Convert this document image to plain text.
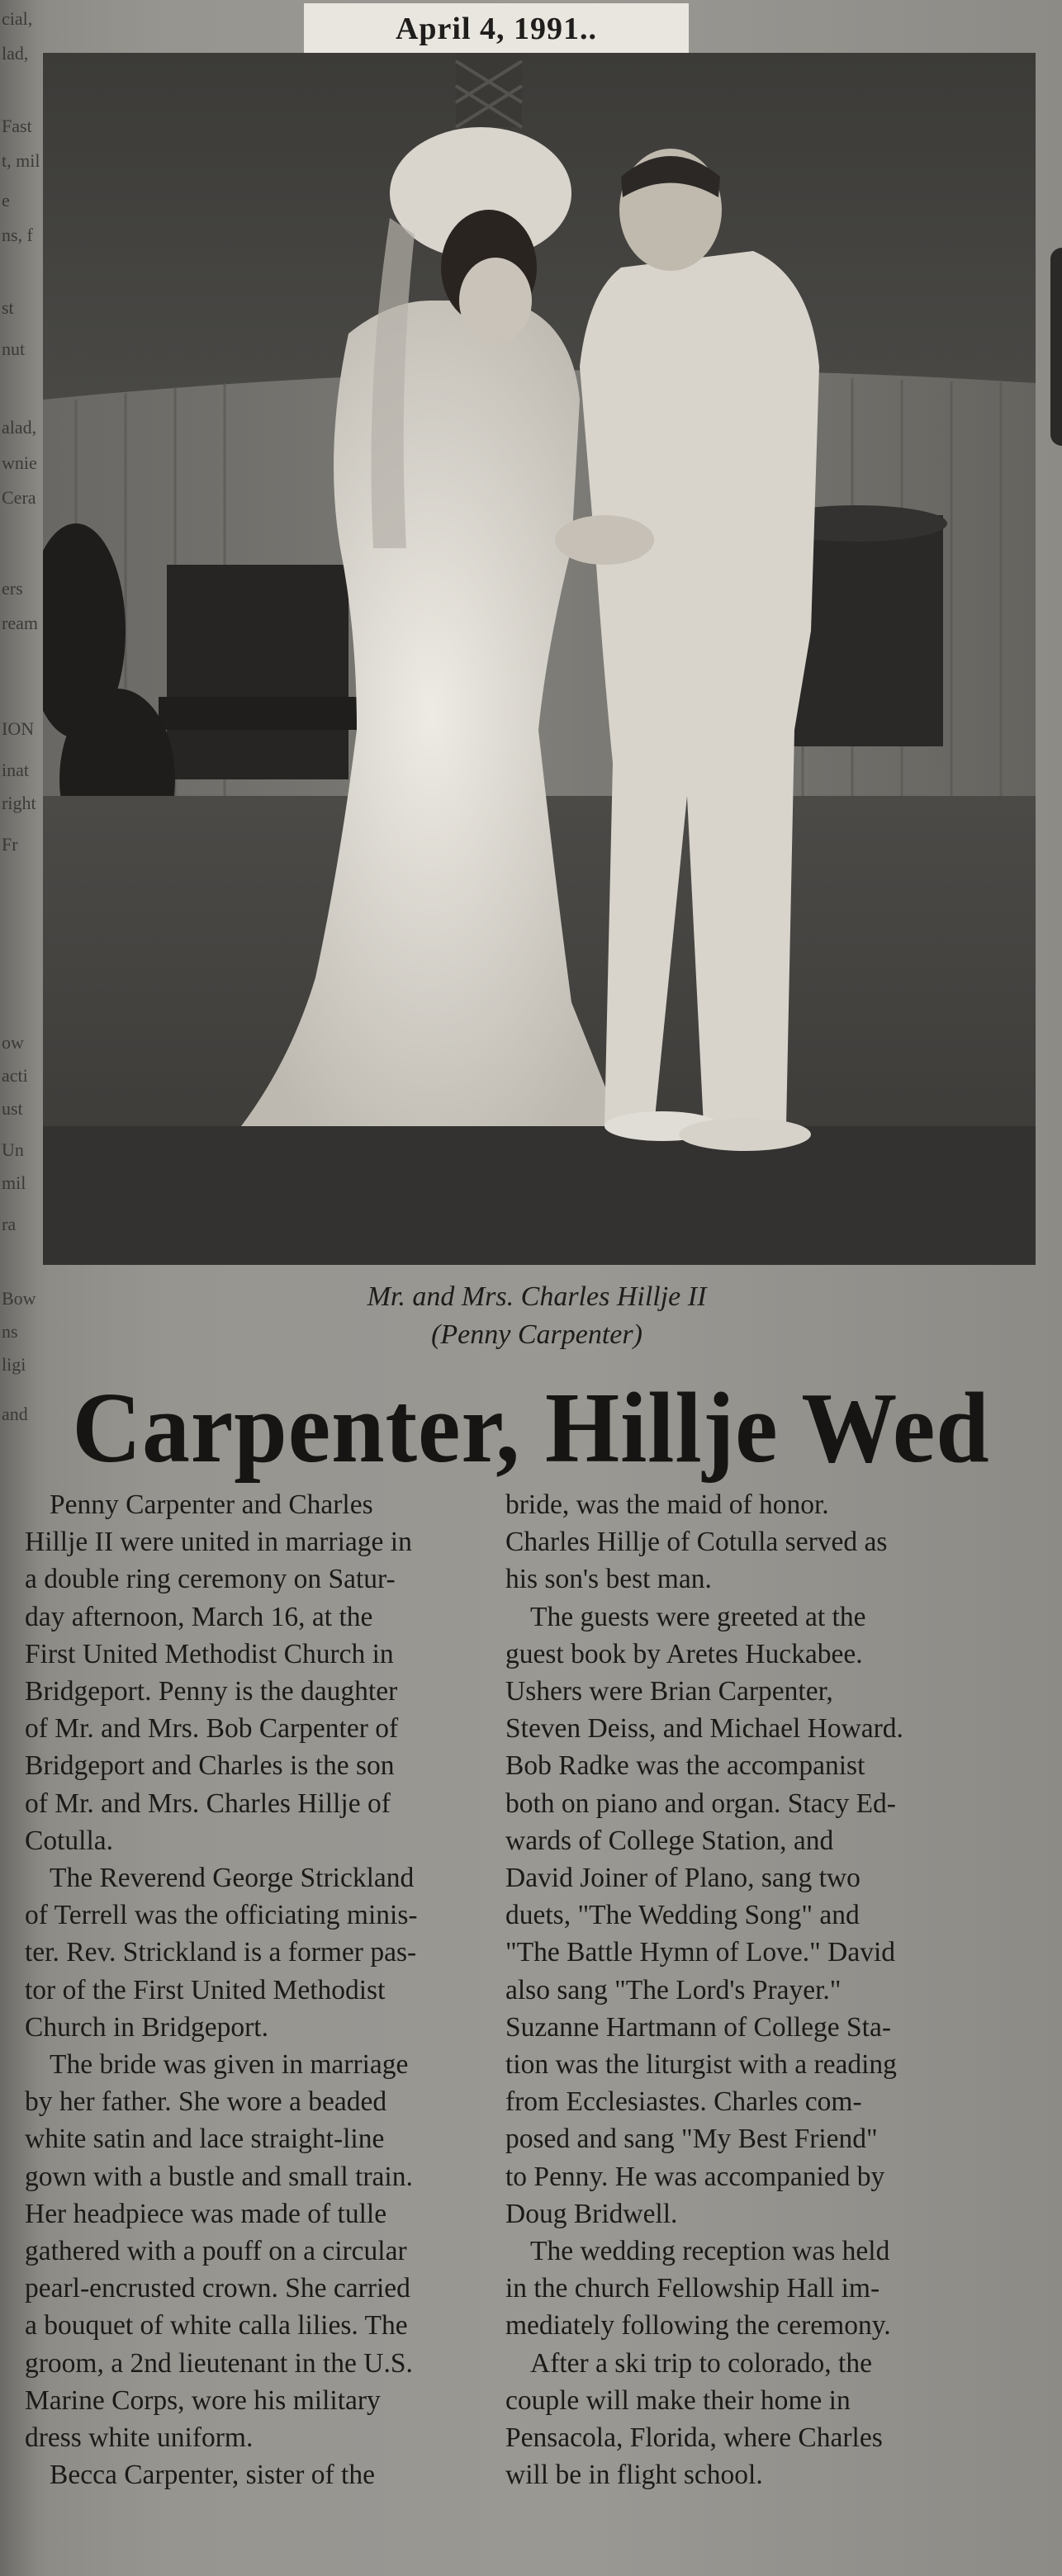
cial,
lad,
Fast
t, mil
e
ns, f
st
nut
alad,
wnie
Cera
ers
ream
ION
inat
right
Fr
ow
acti
ust
Un
mil
ra
Bow
ns
ligi
and
April 4, 1991..
Mr. and Mrs. Charles Hillje II
(Penny Carpenter)
Carpenter, Hillje Wed

Penny Carpenter and Charles

Hillje II were united in marriage in

a double ring ceremony on Satur-

day afternoon, March 16, at the

First United Methodist Church in

Bridgeport. Penny is the daughter

of Mr. and Mrs. Bob Carpenter of

Bridgeport and Charles is the son

of Mr. and Mrs. Charles Hillje of

Cotulla.

The Reverend George Strickland

of Terrell was the officiating minis-

ter. Rev. Strickland is a former pas-

tor of the First United Methodist

Church in Bridgeport.

The bride was given in marriage

by her father. She wore a beaded

white satin and lace straight-line

gown with a bustle and small train.

Her headpiece was made of tulle

gathered with a pouff on a circular

pearl-encrusted crown. She carried

a bouquet of white calla lilies. The

groom, a 2nd lieutenant in the U.S.

Marine Corps, wore his military

dress white uniform.

Becca Carpenter, sister of the

bride, was the maid of honor.

Charles Hillje of Cotulla served as

his son's best man.

The guests were greeted at the

guest book by Aretes Huckabee.

Ushers were Brian Carpenter,

Steven Deiss, and Michael Howard.

Bob Radke was the accompanist

both on piano and organ. Stacy Ed-

wards of College Station, and

David Joiner of Plano, sang two

duets, "The Wedding Song" and

"The Battle Hymn of Love." David

also sang "The Lord's Prayer."

Suzanne Hartmann of College Sta-

tion was the liturgist with a reading

from Ecclesiastes. Charles com-

posed and sang "My Best Friend"

to Penny. He was accompanied by

Doug Bridwell.

The wedding reception was held

in the church Fellowship Hall im-

mediately following the ceremony.

After a ski trip to colorado, the

couple will make their home in

Pensacola, Florida, where Charles

will be in flight school.
